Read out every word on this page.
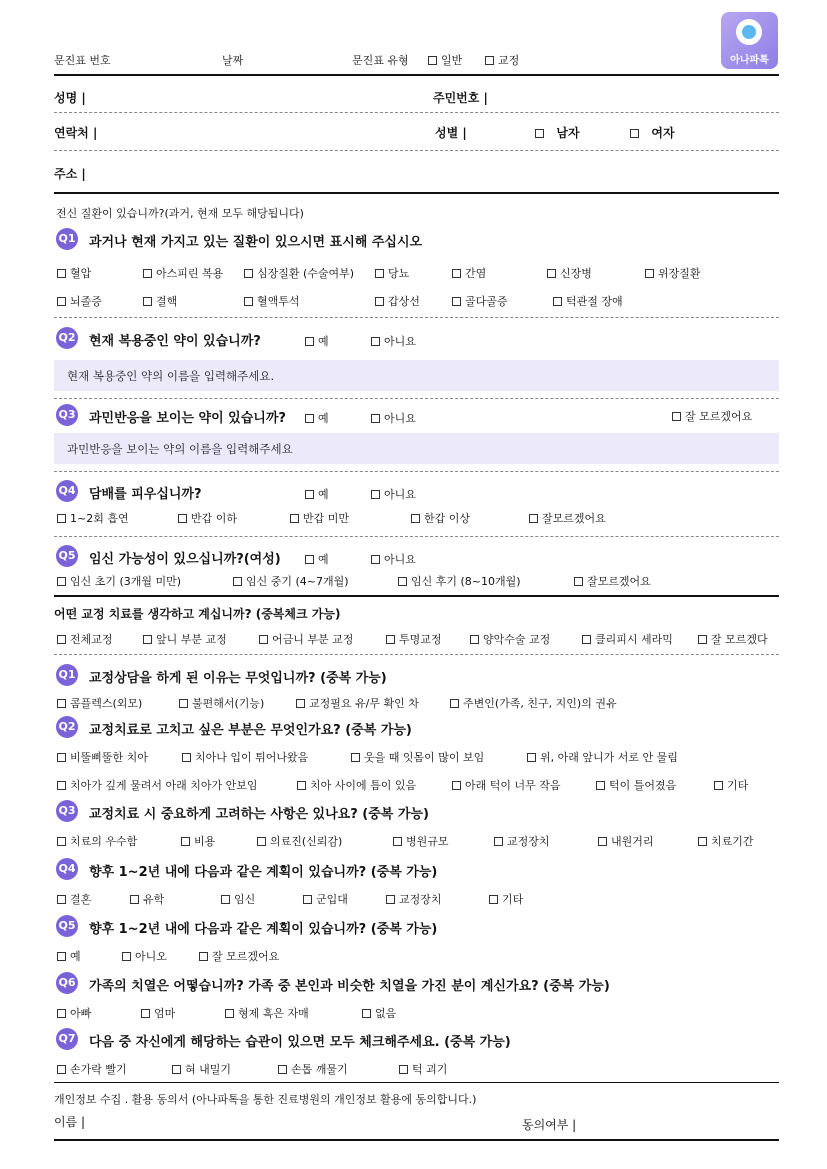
문진표 번호	날짜	문진표 유형	일반	교정	아나파톡
성명 |	주민번호 |
연락처 |	성별 |	남자	여자
주소 |
전신 질환이 있습니까?(과거, 현재 모두 해당됩니다)
Q1 과거나 현재 가지고 있는 질환이 있으시면 표시해 주십시오
혈압	아스피린 복용	심장질환 (수술여부)	당뇨	간염	신장병	위장질환
뇌졸증	결핵	혈액투석	갑상선	골다골증	턱관절 장애
Q2 현재 복용중인 약이 있습니까?	예	아니요
현재 복용중인 약의 이름을 입력해주세요.
Q3 과민반응을 보이는 약이 있습니까?	예	아니요	잘 모르겠어요
과민반응을 보이는 약의 이름을 입력해주세요
Q4 담배를 피우십니까?	예	아니요
1~2회 흡연	반갑 이하	반갑 미만	한갑 이상	잘모르겠어요
Q5 임신 가능성이 있으십니까?(여성)	예	아니요
임신 초기 (3개월 미만)	임신 중기 (4~7개월)	임신 후기 (8~10개월)	잘모르겠어요
어떤 교정 치료를 생각하고 계십니까? (중복체크 가능)
전체교정	앞니 부분 교정	어금니 부분 교정	투명교정	양악수술 교정	클리피시 세라믹	잘 모르겠다
Q1 교정상담을 하게 된 이유는 무엇입니까? (중복 가능)
콤플렉스(외모)	불편해서(기능)	교정필요 유/무 확인 차	주변인(가족, 친구, 지인)의 권유
Q2 교정치료로 고치고 싶은 부분은 무엇인가요? (중복 가능)
비뚤삐뚤한 치아	치아나 입이 튀어나왔음	웃을 때 잇몸이 많이 보임	위, 아래 앞니가 서로 안 물림
치아가 깊게 물려서 아래 치아가 안보임	치아 사이에 틈이 있음	아래 턱이 너무 작음	턱이 틀어졌음	기타
Q3 교정치료 시 중요하게 고려하는 사항은 있나요? (중복 가능)
치료의 우수함	비용	의료진(신뢰감)	병원규모	교정장치	내원거리	치료기간
Q4 향후 1~2년 내에 다음과 같은 계획이 있습니까? (중복 가능)
결혼	유학	임신	군입대	교정장치	기타
Q5 향후 1~2년 내에 다음과 같은 계획이 있습니까? (중복 가능)
예	아니오	잘 모르겠어요
Q6 가족의 치열은 어떻습니까? 가족 중 본인과 비슷한 치열을 가진 분이 계신가요? (중복 가능)
아빠	엄마	형제 혹은 자매	없음
Q7 다음 중 자신에게 해당하는 습관이 있으면 모두 체크해주세요. (중복 가능)
손가락 빨기	혀 내밀기	손톱 깨물기	턱 괴기
개인정보 수집 . 활용 동의서 (아나파톡을 통한 진료병원의 개인정보 활용에 동의합니다.)
이름 |	동의여부 |
